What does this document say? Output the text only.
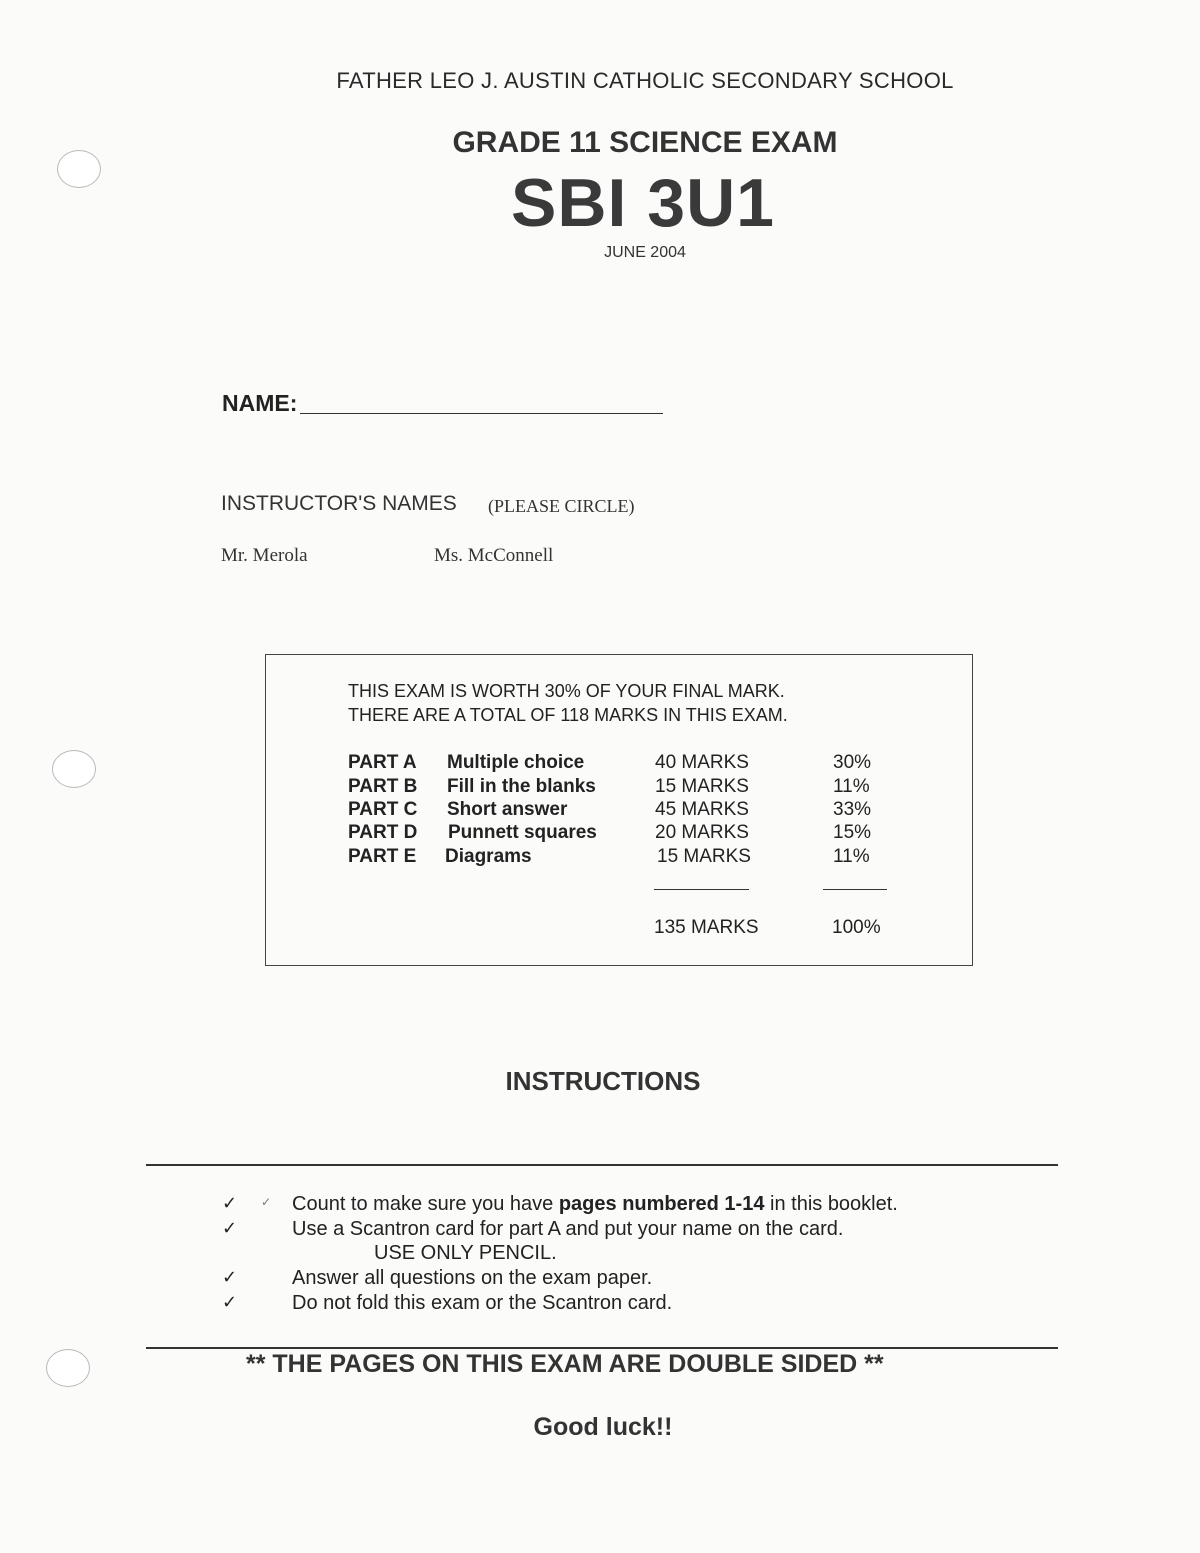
FATHER LEO J. AUSTIN CATHOLIC SECONDARY SCHOOL
GRADE 11 SCIENCE EXAM
SBI 3U1
JUNE 2004
NAME:
INSTRUCTOR'S NAMES (PLEASE CIRCLE)
Mr. Merola	Ms. McConnell
THIS EXAM IS WORTH 30% OF YOUR FINAL MARK.
THERE ARE A TOTAL OF 118 MARKS IN THIS EXAM.
PART A Multiple choice	40 MARKS	30%
PART B Fill in the blanks	15 MARKS	11%
PART C Short answer	45 MARKS	33%
PART D Punnett squares	20 MARKS	15%
PART E Diagrams	15 MARKS	11%
135 MARKS	100%
INSTRUCTIONS
✓ ✓ Count to make sure you have pages numbered 1-14 in this booklet.
✓	Use a Scantron card for part A and put your name on the card.
USE ONLY PENCIL.
✓	Answer all questions on the exam paper.
✓	Do not fold this exam or the Scantron card.
** THE PAGES ON THIS EXAM ARE DOUBLE SIDED **
Good luck!!
